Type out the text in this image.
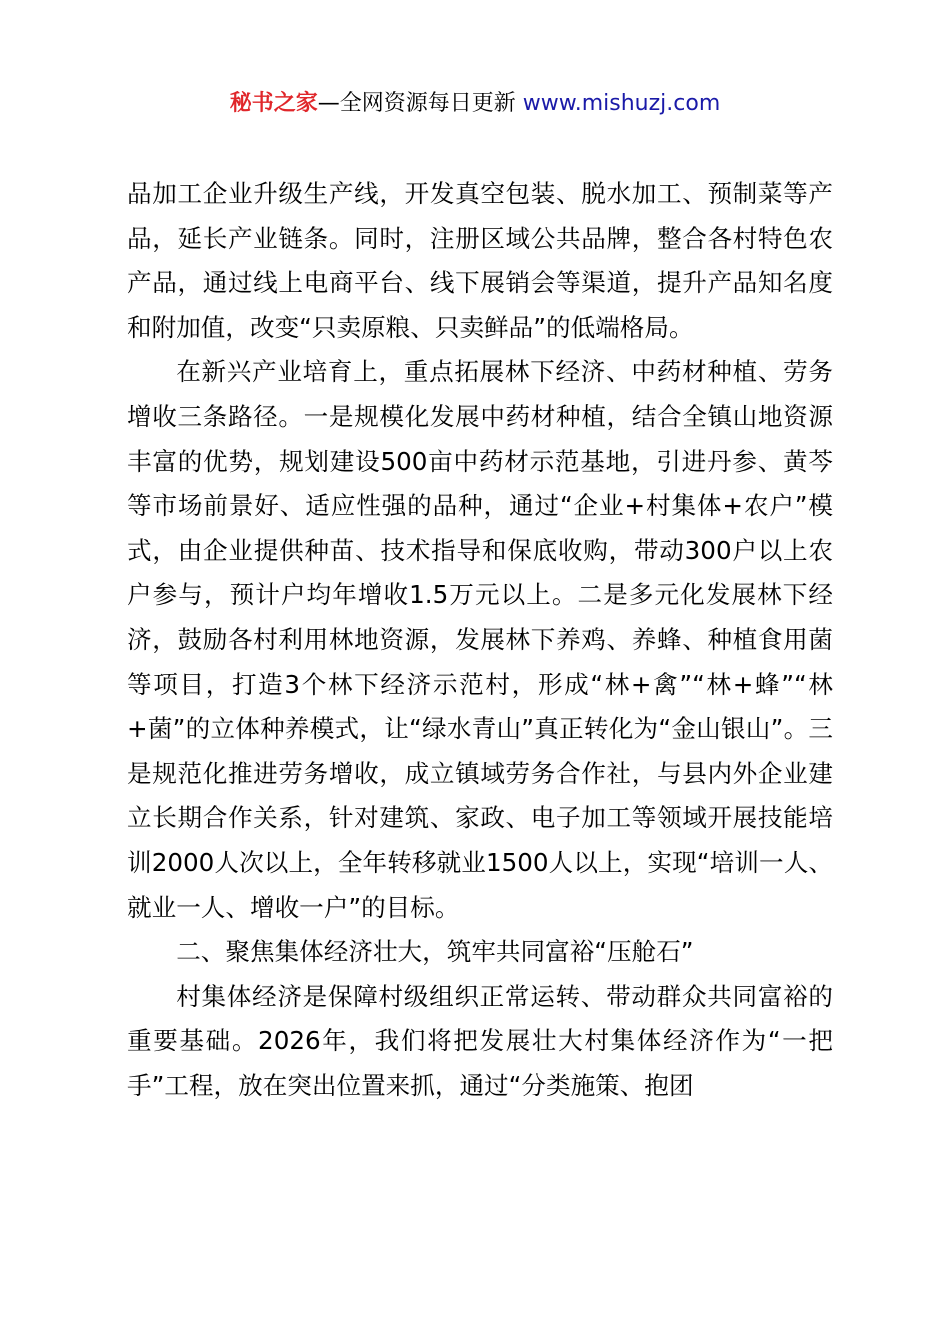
秘书之家—全网资源每日更新 www.mishuzj.com

品加工企业升级生产线，开发真空包装、脱水加工、预制菜等产品，延长产业链条。同时，注册区域公共品牌，整合各村特色农产品，通过线上电商平台、线下展销会等渠道，提升产品知名度和附加值，改变“只卖原粮、只卖鲜品”的低端格局。

在新兴产业培育上，重点拓展林下经济、中药材种植、劳务增收三条路径。一是规模化发展中药材种植，结合全镇山地资源丰富的优势，规划建设500亩中药材示范基地，引进丹参、黄芩等市场前景好、适应性强的品种，通过“企业+村集体+农户”模式，由企业提供种苗、技术指导和保底收购，带动300户以上农户参与，预计户均年增收1.5万元以上。二是多元化发展林下经济，鼓励各村利用林地资源，发展林下养鸡、养蜂、种植食用菌等项目，打造3个林下经济示范村，形成“林+禽”“林+蜂”“林+菌”的立体种养模式，让“绿水青山”真正转化为“金山银山”。三是规范化推进劳务增收，成立镇域劳务合作社，与县内外企业建立长期合作关系，针对建筑、家政、电子加工等领域开展技能培训2000人次以上，全年转移就业1500人以上，实现“培训一人、就业一人、增收一户”的目标。

二、聚焦集体经济壮大，筑牢共同富裕“压舱石”

村集体经济是保障村级组织正常运转、带动群众共同富裕的重要基础。2026年，我们将把发展壮大村集体经济作为“一把手”工程，放在突出位置来抓，通过“分类施策、抱团
